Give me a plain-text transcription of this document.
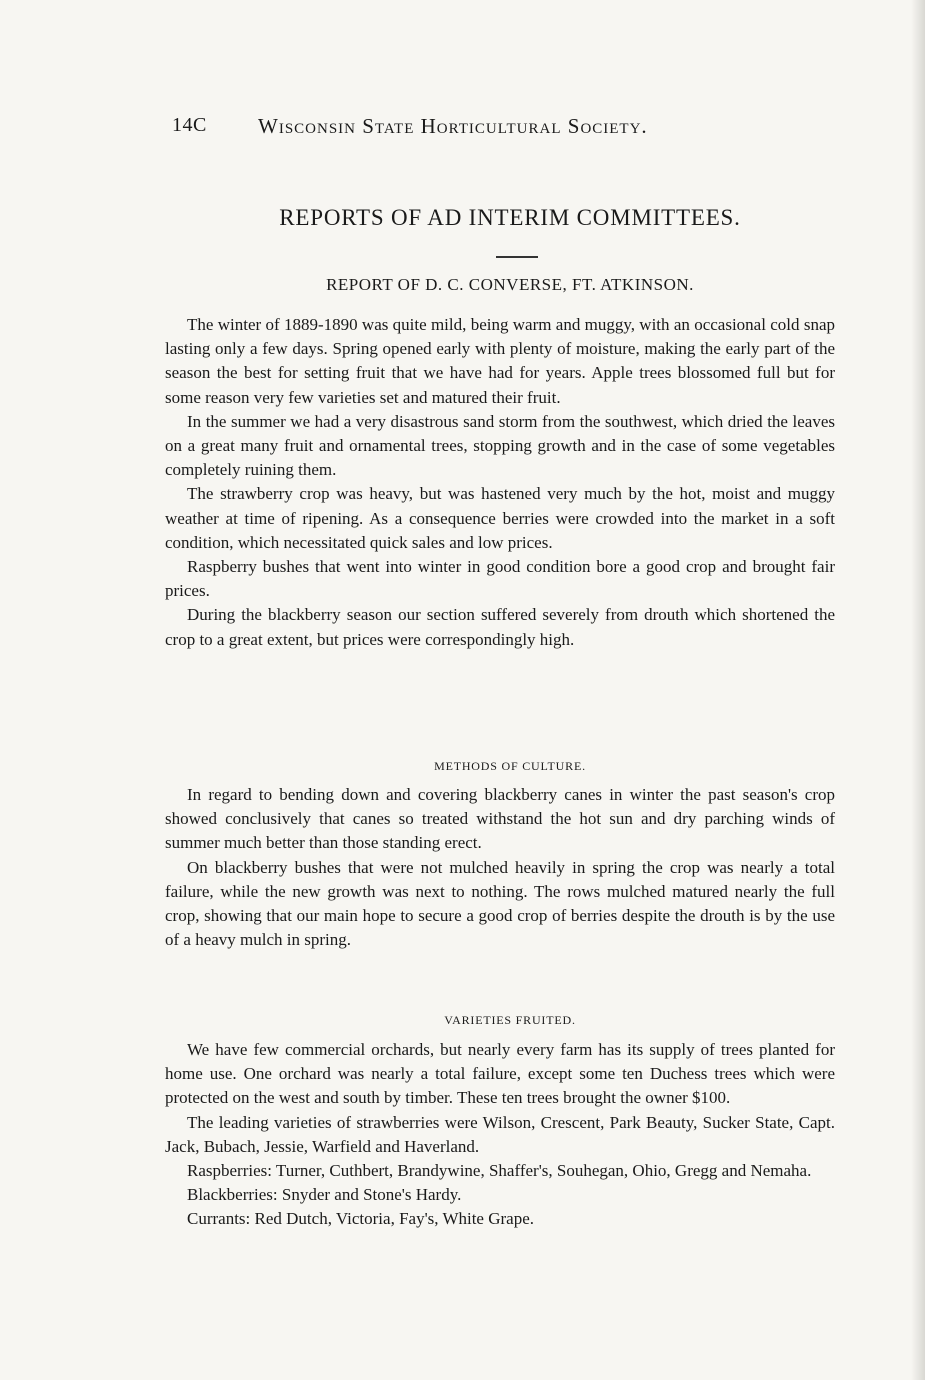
14C Wisconsin State Horticultural Society.
REPORTS OF AD INTERIM COMMITTEES.
REPORT OF D. C. CONVERSE, FT. ATKINSON.

The winter of 1889-1890 was quite mild, being warm and muggy, with an occasional cold snap lasting only a few days. Spring opened early with plenty of moisture, making the early part of the season the best for setting fruit that we have had for years. Apple trees blossomed full but for some reason very few varieties set and matured their fruit.

In the summer we had a very disastrous sand storm from the southwest, which dried the leaves on a great many fruit and ornamental trees, stopping growth and in the case of some vegetables completely ruining them.

The strawberry crop was heavy, but was hastened very much by the hot, moist and muggy weather at time of ripening. As a consequence berries were crowded into the market in a soft condition, which necessitated quick sales and low prices.

Raspberry bushes that went into winter in good condition bore a good crop and brought fair prices.

During the blackberry season our section suffered severely from drouth which shortened the crop to a great extent, but prices were correspondingly high.

METHODS OF CULTURE.

In regard to bending down and covering blackberry canes in winter the past season's crop showed conclusively that canes so treated withstand the hot sun and dry parching winds of summer much better than those standing erect.

On blackberry bushes that were not mulched heavily in spring the crop was nearly a total failure, while the new growth was next to nothing. The rows mulched matured nearly the full crop, showing that our main hope to secure a good crop of berries despite the drouth is by the use of a heavy mulch in spring.

VARIETIES FRUITED.

We have few commercial orchards, but nearly every farm has its supply of trees planted for home use. One orchard was nearly a total failure, except some ten Duchess trees which were protected on the west and south by timber. These ten trees brought the owner $100.

The leading varieties of strawberries were Wilson, Crescent, Park Beauty, Sucker State, Capt. Jack, Bubach, Jessie, Warfield and Haverland.

Raspberries: Turner, Cuthbert, Brandywine, Shaffer's, Souhegan, Ohio, Gregg and Nemaha.

Blackberries: Snyder and Stone's Hardy.

Currants: Red Dutch, Victoria, Fay's, White Grape.
